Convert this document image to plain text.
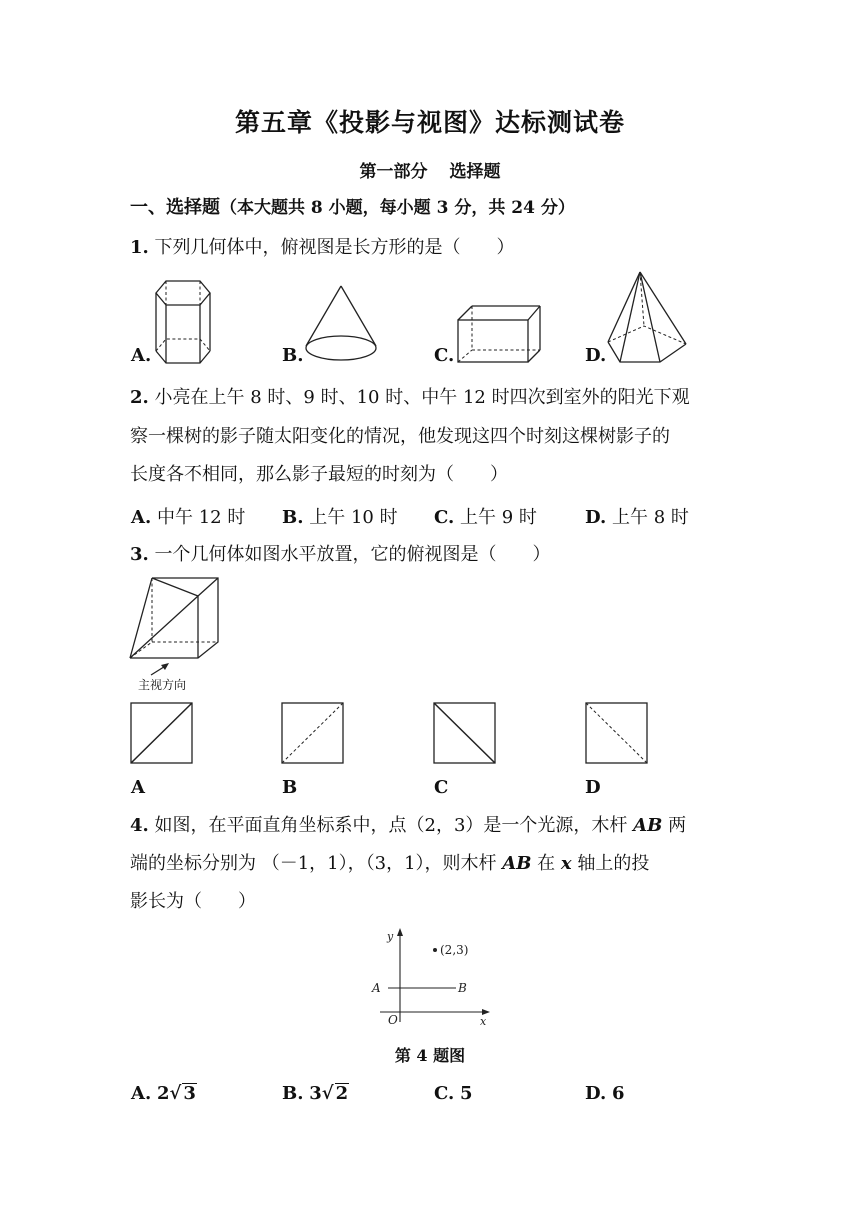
第五章《投影与视图》达标测试卷
第一部分 选择题
一、选择题（本大题共 8 小题，每小题 3 分，共 24 分）
1. 下列几何体中，俯视图是长方形的是（　　）
A.	B.	C.	D.
2. 小亮在上午 8 时、9 时、10 时、中午 12 时四次到室外的阳光下观
察一棵树的影子随太阳变化的情况，他发现这四个时刻这棵树影子的
长度各不相同，那么影子最短的时刻为（　　）
A. 中午 12 时 B. 上午 10 时 C. 上午 9 时	D. 上午 8 时
3. 一个几何体如图水平放置，它的俯视图是（　　）
主视方向
A	B	C	D
4. 如图，在平面直角坐标系中，点（2，3）是一个光源，木杆 AB 两
端的坐标分别为 （－1，1），（3，1），则木杆 AB 在 x 轴上的投
影长为（　　）
y
x
O
(2,3)
A	B
第 4 题图
A. 2√ 3	B. 3√ 2	C. 5	D. 6
